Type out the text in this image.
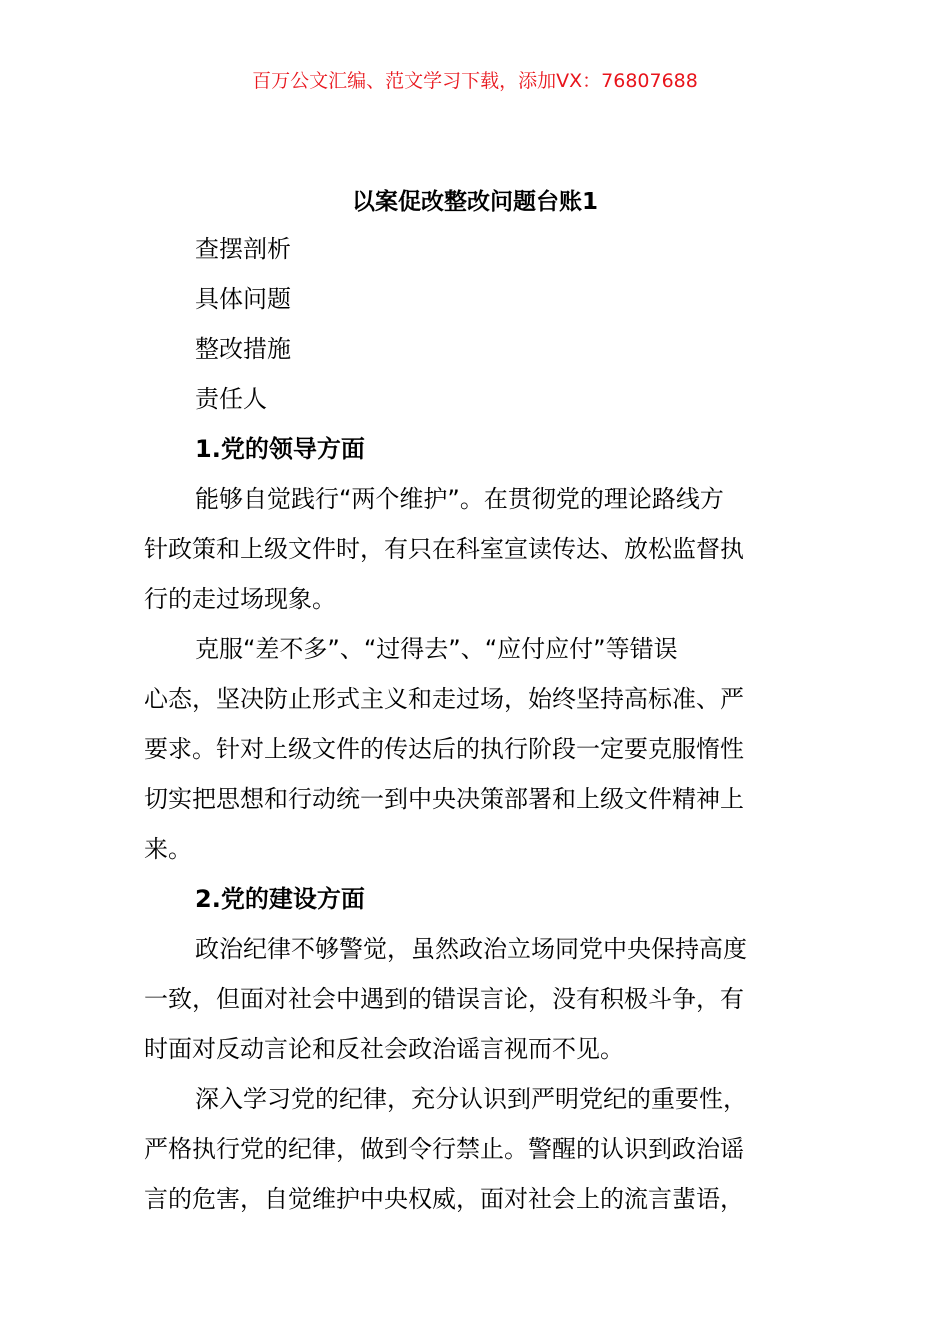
百万公文汇编、范文学习下载，添加VX：76807688
以案促改整改问题台账1
查摆剖析
具体问题
整改措施
责任人
1.党的领导方面
能够自觉践行“两个维护”。在贯彻党的理论路线方
针政策和上级文件时，有只在科室宣读传达、放松监督执
行的走过场现象。
克服“差不多”、“过得去”、“应付应付”等错误
心态，坚决防止形式主义和走过场，始终坚持高标准、严
要求。针对上级文件的传达后的执行阶段一定要克服惰性
切实把思想和行动统一到中央决策部署和上级文件精神上
来。
2.党的建设方面
政治纪律不够警觉，虽然政治立场同党中央保持高度
一致，但面对社会中遇到的错误言论，没有积极斗争，有
时面对反动言论和反社会政治谣言视而不见。
深入学习党的纪律，充分认识到严明党纪的重要性，
严格执行党的纪律，做到令行禁止。警醒的认识到政治谣
言的危害，自觉维护中央权威，面对社会上的流言蜚语，
